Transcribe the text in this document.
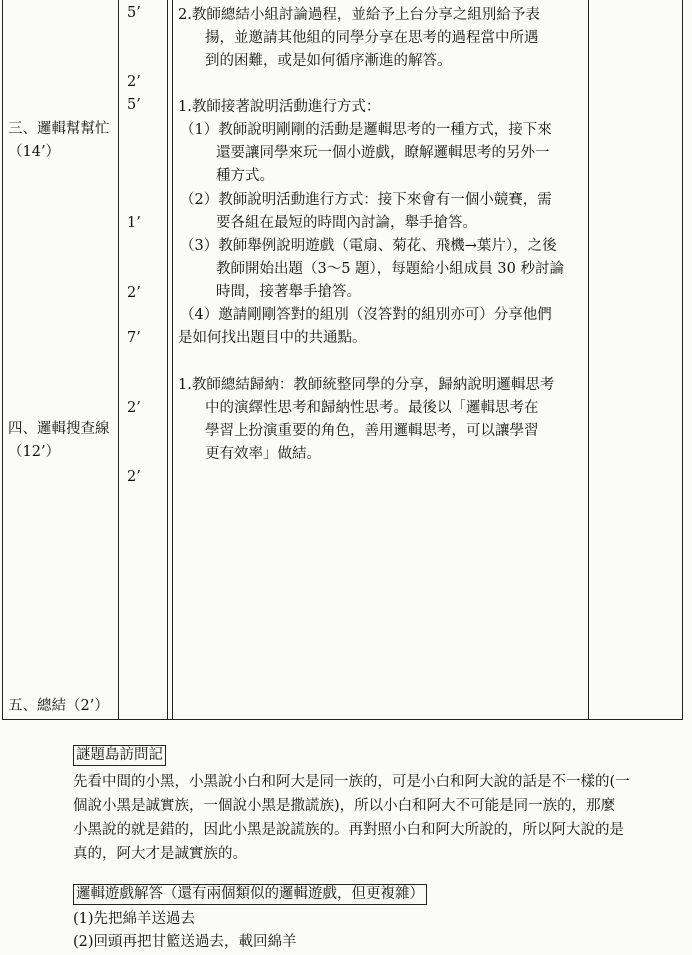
三、邏輯幫幫忙
（14’）
四、邏輯搜查線
（12’）
五、總結（2’）
5’
2’
5’
1’
2’
7’
2’
2’
2.教師總結小組討論過程，並給予上台分享之組別給予表
揚，並邀請其他組的同學分享在思考的過程當中所遇
到的困難，或是如何循序漸進的解答。
1.教師接著說明活動進行方式：
（1）教師說明剛剛的活動是邏輯思考的一種方式，接下來
還要讓同學來玩一個小遊戲，瞭解邏輯思考的另外一
種方式。
（2）教師說明活動進行方式：接下來會有一個小競賽，需
要各組在最短的時間內討論，舉手搶答。
（3）教師舉例說明遊戲（電扇、菊花、飛機→葉片），之後
教師開始出題（3～5 題），每題給小組成員 30 秒討論
時間，接著舉手搶答。
（4）邀請剛剛答對的組別（沒答對的組別亦可）分享他們
是如何找出題目中的共通點。
1.教師總結歸納：教師統整同學的分享，歸納說明邏輯思考
中的演繹性思考和歸納性思考。最後以「邏輯思考在
學習上扮演重要的角色，善用邏輯思考，可以讓學習
更有效率」做結。
謎題島訪問記
先看中間的小黑，小黑說小白和阿大是同一族的，可是小白和阿大說的話是不一樣的(一
個說小黑是誠實族，一個說小黑是撒謊族)，所以小白和阿大不可能是同一族的，那麼
小黑說的就是錯的，因此小黑是說謊族的。再對照小白和阿大所說的，所以阿大說的是
真的，阿大才是誠實族的。
邏輯遊戲解答（還有兩個類似的邏輯遊戲，但更複雜）
(1)先把綿羊送過去
(2)回頭再把甘籃送過去，載回綿羊
